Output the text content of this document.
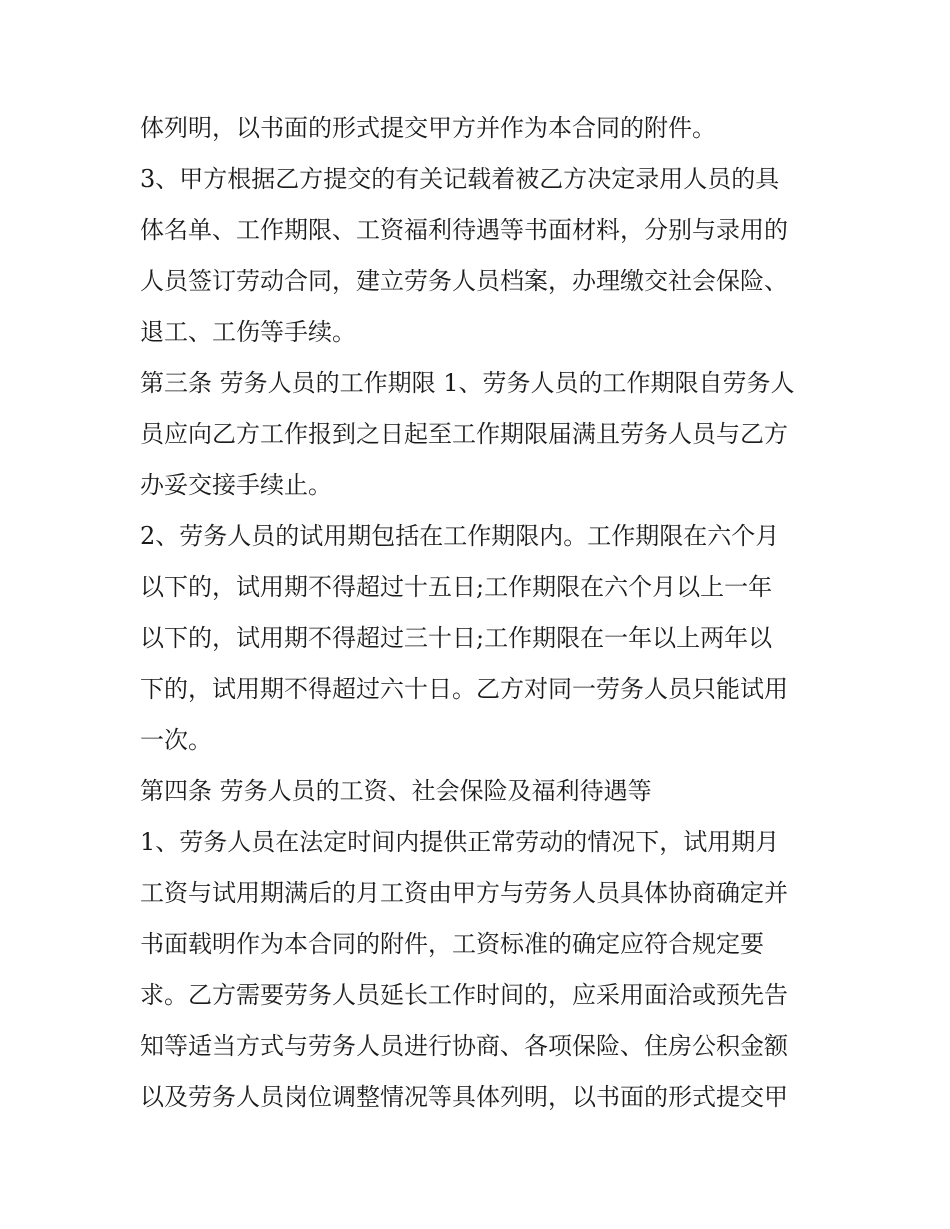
体列明，以书面的形式提交甲方并作为本合同的附件。
3、甲方根据乙方提交的有关记载着被乙方决定录用人员的具
体名单、工作期限、工资福利待遇等书面材料，分别与录用的
人员签订劳动合同，建立劳务人员档案，办理缴交社会保险、
退工、工伤等手续。
第三条 劳务人员的工作期限 1、劳务人员的工作期限自劳务人
员应向乙方工作报到之日起至工作期限届满且劳务人员与乙方
办妥交接手续止。
2、劳务人员的试用期包括在工作期限内。工作期限在六个月
以下的，试用期不得超过十五日;工作期限在六个月以上一年
以下的，试用期不得超过三十日;工作期限在一年以上两年以
下的，试用期不得超过六十日。乙方对同一劳务人员只能试用
一次。
第四条 劳务人员的工资、社会保险及福利待遇等
1、劳务人员在法定时间内提供正常劳动的情况下，试用期月
工资与试用期满后的月工资由甲方与劳务人员具体协商确定并
书面载明作为本合同的附件，工资标准的确定应符合规定要
求。乙方需要劳务人员延长工作时间的，应采用面洽或预先告
知等适当方式与劳务人员进行协商、各项保险、住房公积金额
以及劳务人员岗位调整情况等具体列明，以书面的形式提交甲
